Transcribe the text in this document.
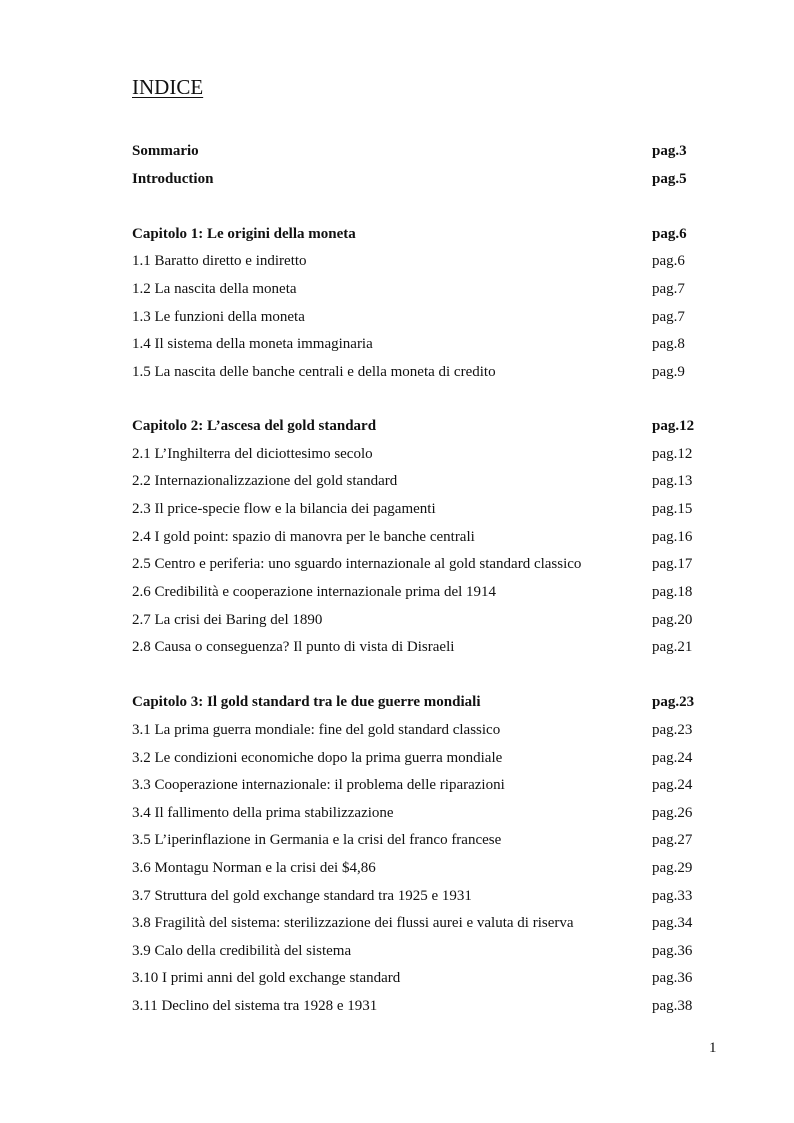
INDICE
Sommario	pag.3
Introduction	pag.5
Capitolo 1: Le origini della moneta	pag.6
1.1 Baratto diretto e indiretto	pag.6
1.2 La nascita della moneta	pag.7
1.3 Le funzioni della moneta	pag.7
1.4 Il sistema della moneta immaginaria	pag.8
1.5 La nascita delle banche centrali e della moneta di credito	pag.9
Capitolo 2: L’ascesa del gold standard	pag.12
2.1 L’Inghilterra del diciottesimo secolo	pag.12
2.2 Internazionalizzazione del gold standard	pag.13
2.3 Il price-specie flow e la bilancia dei pagamenti	pag.15
2.4 I gold point: spazio di manovra per le banche centrali	pag.16
2.5 Centro e periferia: uno sguardo internazionale al gold standard classico	pag.17
2.6 Credibilità e cooperazione internazionale prima del 1914	pag.18
2.7 La crisi dei Baring del 1890	pag.20
2.8 Causa o conseguenza? Il punto di vista di Disraeli	pag.21
Capitolo 3: Il gold standard tra le due guerre mondiali	pag.23
3.1 La prima guerra mondiale: fine del gold standard classico	pag.23
3.2 Le condizioni economiche dopo la prima guerra mondiale	pag.24
3.3 Cooperazione internazionale: il problema delle riparazioni	pag.24
3.4 Il fallimento della prima stabilizzazione	pag.26
3.5 L’iperinflazione in Germania e la crisi del franco francese	pag.27
3.6 Montagu Norman e la crisi dei $4,86	pag.29
3.7 Struttura del gold exchange standard tra 1925 e 1931	pag.33
3.8 Fragilità del sistema: sterilizzazione dei flussi aurei e valuta di riserva	pag.34
3.9 Calo della credibilità del sistema	pag.36
3.10 I primi anni del gold exchange standard	pag.36
3.11 Declino del sistema tra 1928 e 1931	pag.38
1
